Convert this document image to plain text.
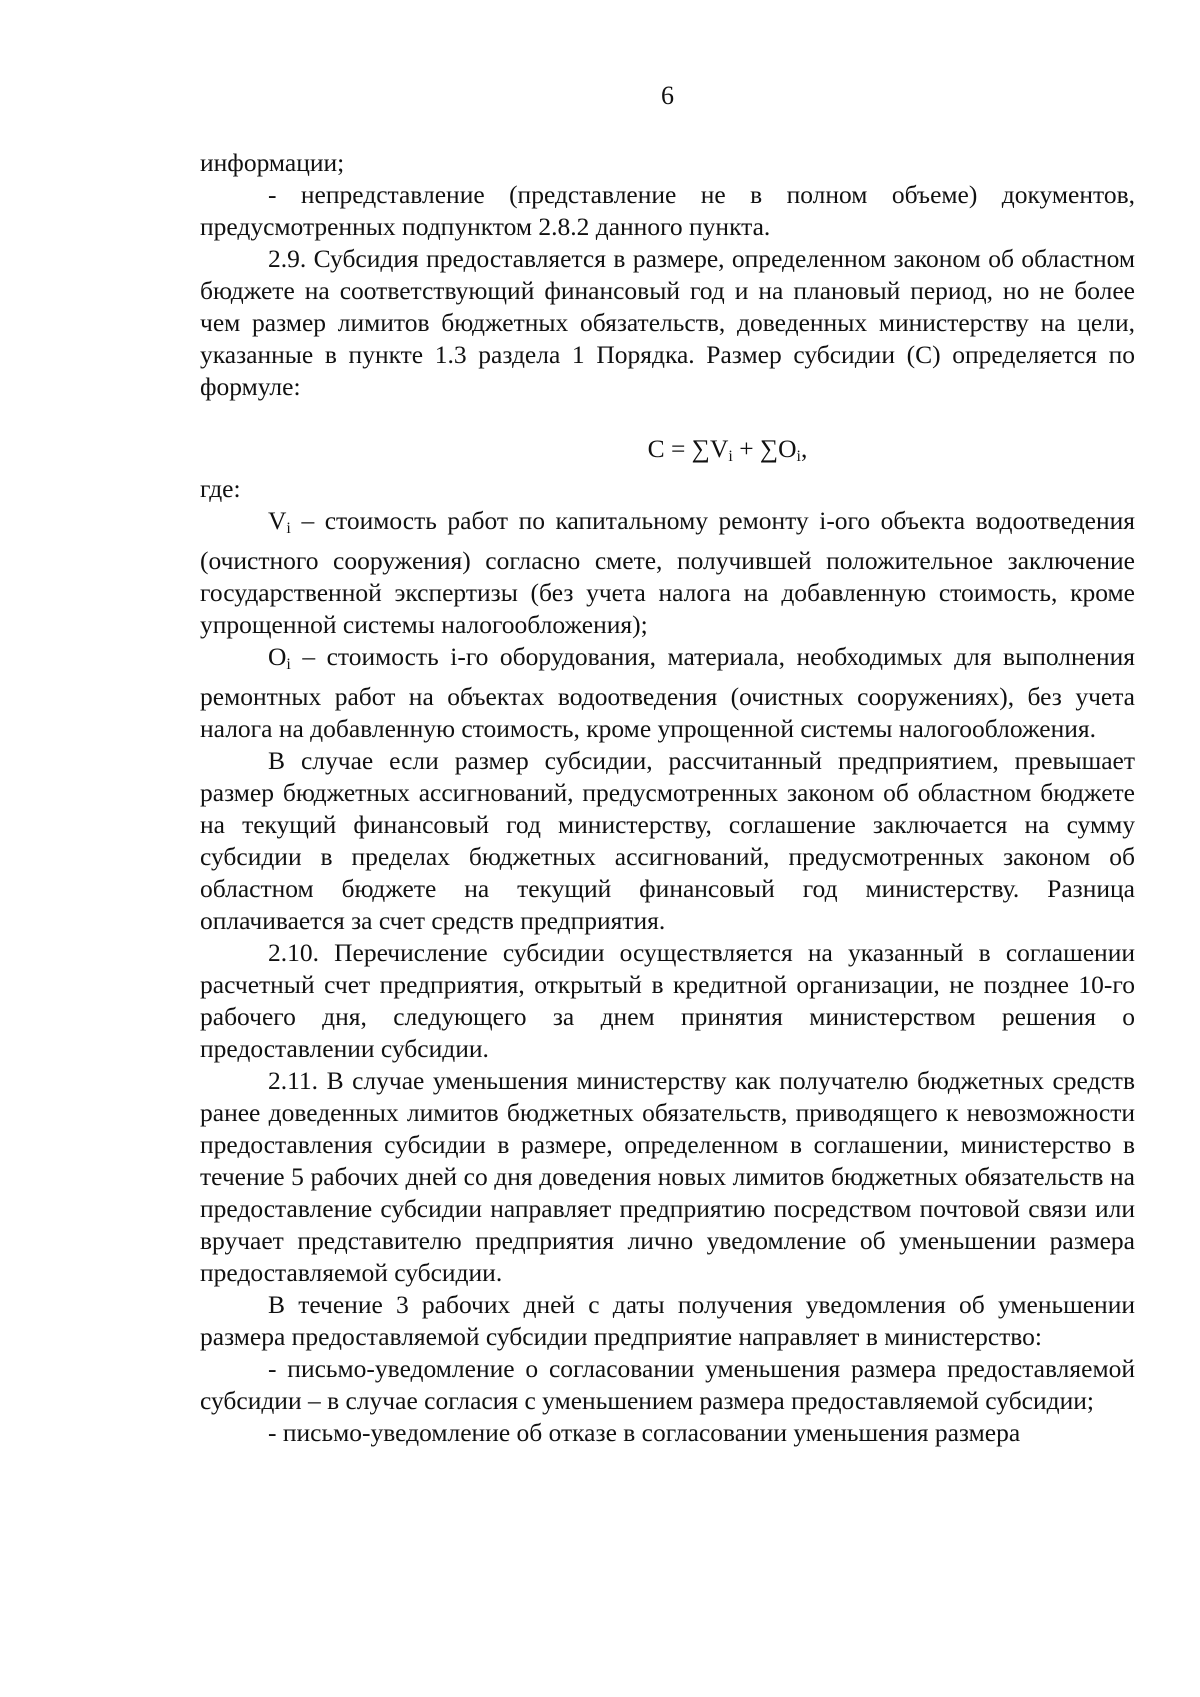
6

информации;

- непредставление (представление не в полном объеме) документов, предусмотренных подпунктом 2.8.2 данного пункта.

2.9. Субсидия предоставляется в размере, определенном законом об областном бюджете на соответствующий финансовый год и на плановый период, но не более чем размер лимитов бюджетных обязательств, доведенных министерству на цели, указанные в пункте 1.3 раздела 1 Порядка. Размер субсидии (С) определяется по формуле:

$С = \sum V_i + \sum O_i$,

где:

$V_i$ – стоимость работ по капитальному ремонту i-ого объекта водоотведения (очистного сооружения) согласно смете, получившей положительное заключение государственной экспертизы (без учета налога на добавленную стоимость, кроме упрощенной системы налогообложения);

$O_i$ – стоимость i-го оборудования, материала, необходимых для выполнения ремонтных работ на объектах водоотведения (очистных сооружениях), без учета налога на добавленную стоимость, кроме упрощенной системы налогообложения.

В случае если размер субсидии, рассчитанный предприятием, превышает размер бюджетных ассигнований, предусмотренных законом об областном бюджете на текущий финансовый год министерству, соглашение заключается на сумму субсидии в пределах бюджетных ассигнований, предусмотренных законом об областном бюджете на текущий финансовый год министерству. Разница оплачивается за счет средств предприятия.

2.10. Перечисление субсидии осуществляется на указанный в соглашении расчетный счет предприятия, открытый в кредитной организации, не позднее 10-го рабочего дня, следующего за днем принятия министерством решения о предоставлении субсидии.

2.11. В случае уменьшения министерству как получателю бюджетных средств ранее доведенных лимитов бюджетных обязательств, приводящего к невозможности предоставления субсидии в размере, определенном в соглашении, министерство в течение 5 рабочих дней со дня доведения новых лимитов бюджетных обязательств на предоставление субсидии направляет предприятию посредством почтовой связи или вручает представителю предприятия лично уведомление об уменьшении размера предоставляемой субсидии.

В течение 3 рабочих дней с даты получения уведомления об уменьшении размера предоставляемой субсидии предприятие направляет в министерство:

- письмо-уведомление о согласовании уменьшения размера предоставляемой субсидии – в случае согласия с уменьшением размера предоставляемой субсидии;

- письмо-уведомление об отказе в согласовании уменьшения размера
